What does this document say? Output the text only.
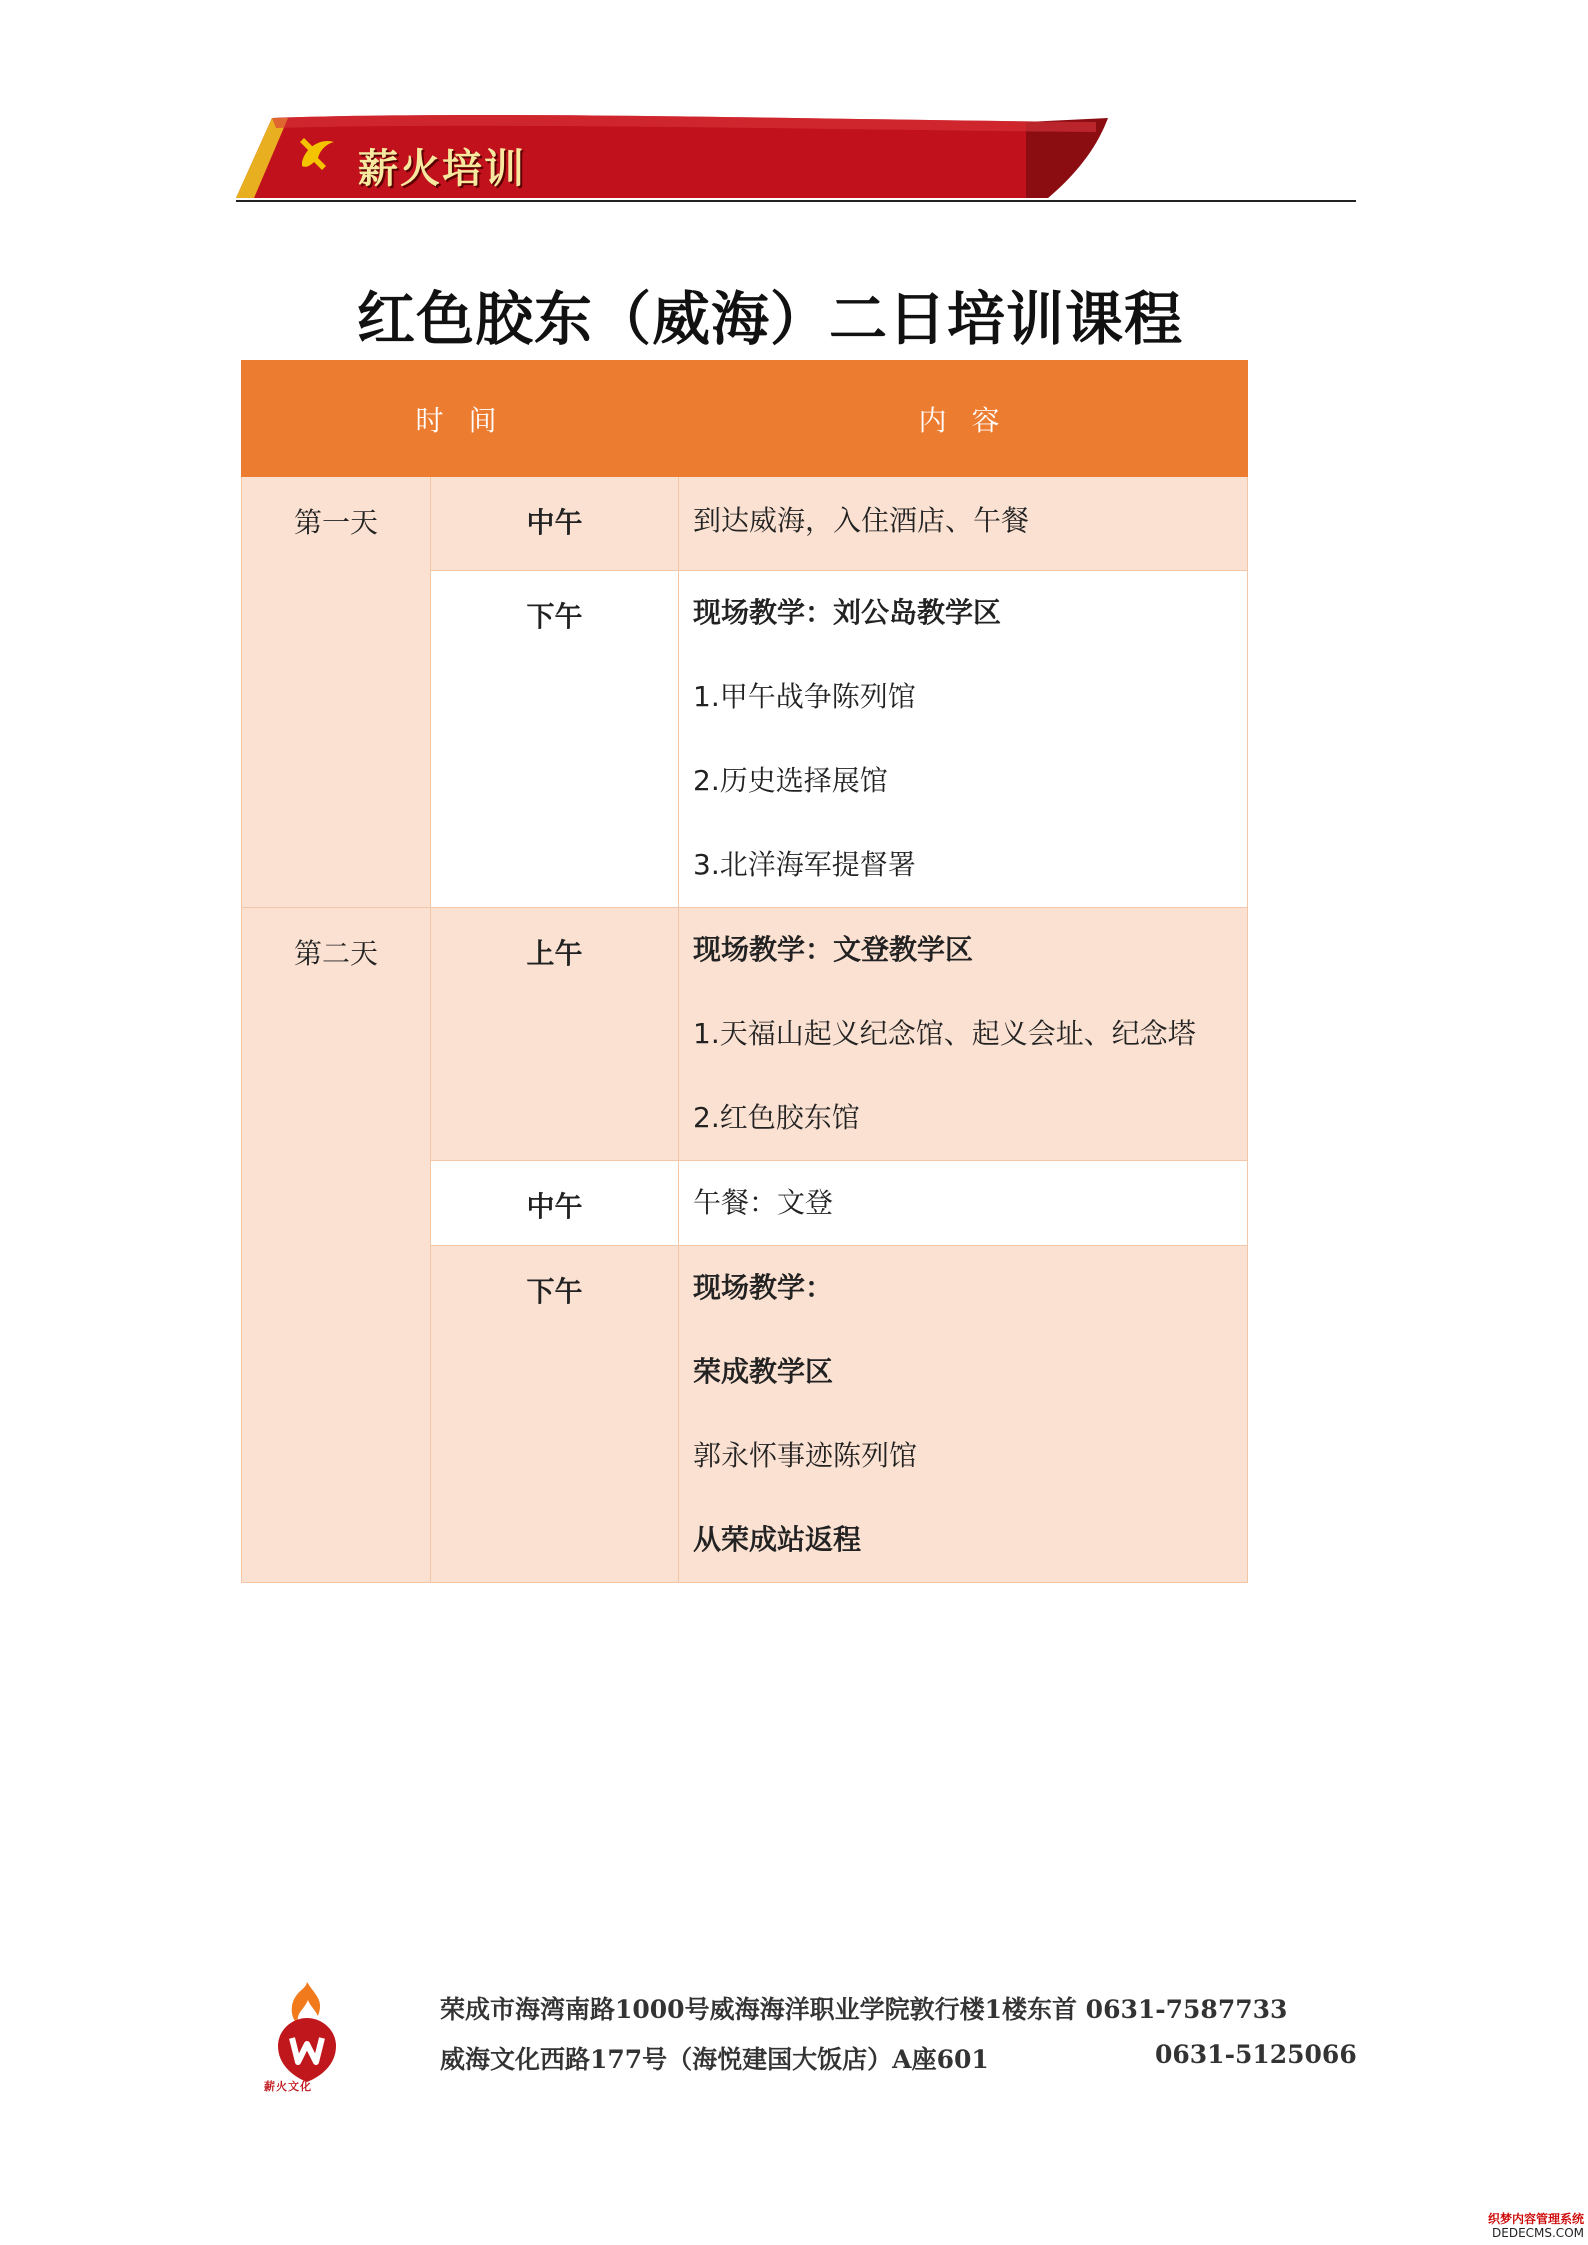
薪火培训
红色胶东（威海）二日培训课程
时 间		内 容

第一天	中午	到达威海，入住酒店、午餐

	下午	现场教学：刘公岛教学区
1.甲午战争陈列馆
2.历史选择展馆
3.北洋海军提督署

第二天	上午	现场教学：文登教学区
1.天福山起义纪念馆、起义会址、纪念塔
2.红色胶东馆

	中午	午餐：文登

	下午	现场教学：
荣成教学区
郭永怀事迹陈列馆
从荣成站返程
薪火文化
荣成市海湾南路1000号威海海洋职业学院敦行楼1楼东首 0631-7587733
威海文化西路177号（海悦建国大饭店）A座601	0631-5125066
织梦内容管理系统
DEDECMS.COM
